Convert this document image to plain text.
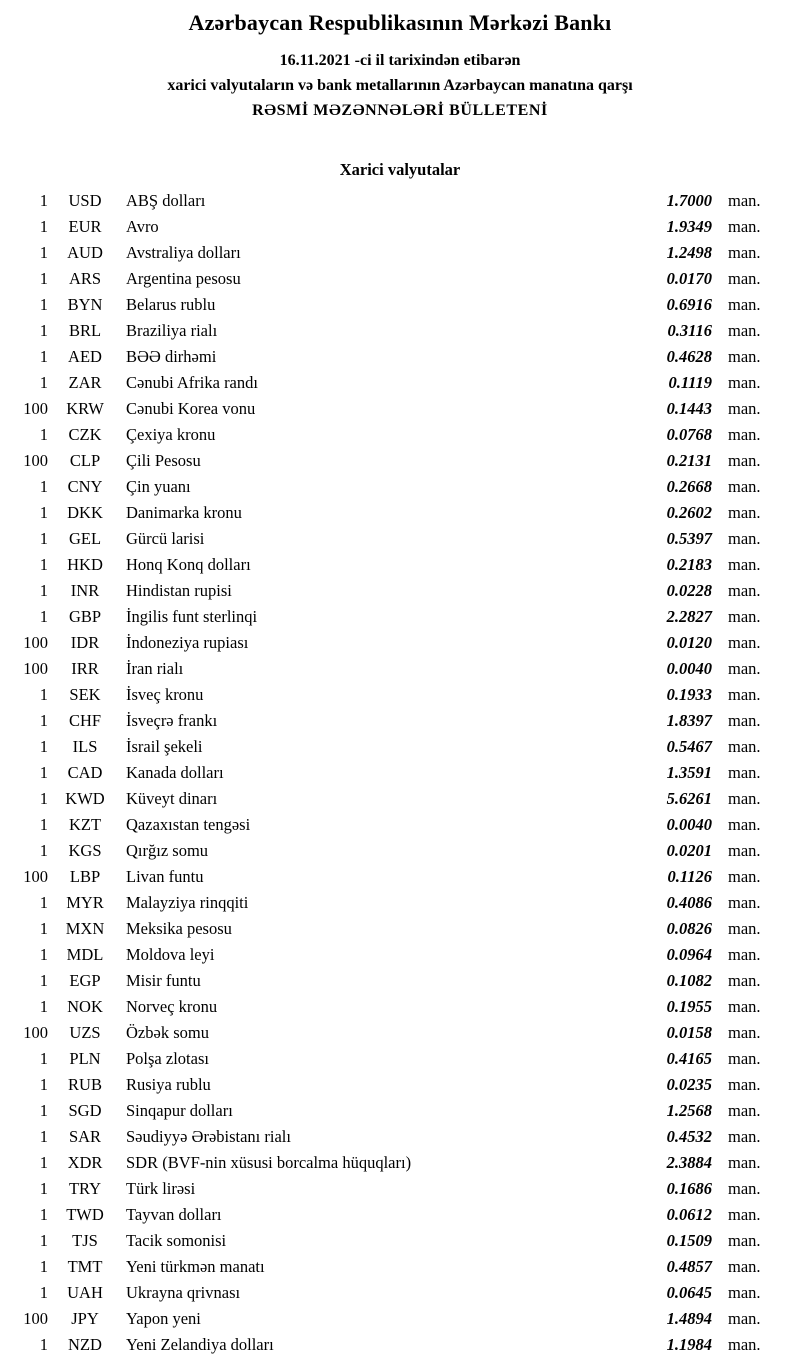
Azərbaycan Respublikasının Mərkəzi Bankı
16.11.2021 -ci il tarixindən etibarən
xarici valyutaların və bank metallarının Azərbaycan manatına qarşı
RƏSMİ MƏZƏNNƏLƏRİ BÜLLETENİ
Xarici valyutalar
1	USD	ABŞ dolları	1.7000 man.
1	EUR	Avro	1.9349 man.
1	AUD	Avstraliya dolları	1.2498 man.
1	ARS	Argentina pesosu	0.0170 man.
1	BYN	Belarus rublu	0.6916 man.
1	BRL	Braziliya rialı	0.3116 man.
1	AED	BƏƏ dirhəmi	0.4628 man.
1	ZAR	Cənubi Afrika randı	0.1119 man.
100	KRW	Cənubi Korea vonu	0.1443 man.
1	CZK	Çexiya kronu	0.0768 man.
100	CLP	Çili Pesosu	0.2131 man.
1	CNY	Çin yuanı	0.2668 man.
1	DKK	Danimarka kronu	0.2602 man.
1	GEL	Gürcü larisi	0.5397 man.
1	HKD	Honq Konq dolları	0.2183 man.
1	INR	Hindistan rupisi	0.0228 man.
1	GBP	İngilis funt sterlinqi	2.2827 man.
100	IDR	İndoneziya rupiası	0.0120 man.
100	IRR	İran rialı	0.0040 man.
1	SEK	İsveç kronu	0.1933 man.
1	CHF	İsveçrə frankı	1.8397 man.
1	ILS	İsrail şekeli	0.5467 man.
1	CAD	Kanada dolları	1.3591 man.
1	KWD	Küveyt dinarı	5.6261 man.
1	KZT	Qazaxıstan tengəsi	0.0040 man.
1	KGS	Qırğız somu	0.0201 man.
100	LBP	Livan funtu	0.1126 man.
1	MYR	Malayziya rinqqiti	0.4086 man.
1	MXN	Meksika pesosu	0.0826 man.
1	MDL	Moldova leyi	0.0964 man.
1	EGP	Misir funtu	0.1082 man.
1	NOK	Norveç kronu	0.1955 man.
100	UZS	Özbək somu	0.0158 man.
1	PLN	Polşa zlotası	0.4165 man.
1	RUB	Rusiya rublu	0.0235 man.
1	SGD	Sinqapur dolları	1.2568 man.
1	SAR	Səudiyyə Ərəbistanı rialı	0.4532 man.
1	XDR	SDR (BVF-nin xüsusi borcalma hüquqları)	2.3884 man.
1	TRY	Türk lirəsi	0.1686 man.
1	TWD	Tayvan dolları	0.0612 man.
1	TJS	Tacik somonisi	0.1509 man.
1	TMT	Yeni türkmən manatı	0.4857 man.
1	UAH	Ukrayna qrivnası	0.0645 man.
100	JPY	Yapon yeni	1.4894 man.
1	NZD	Yeni Zelandiya dolları	1.1984 man.
